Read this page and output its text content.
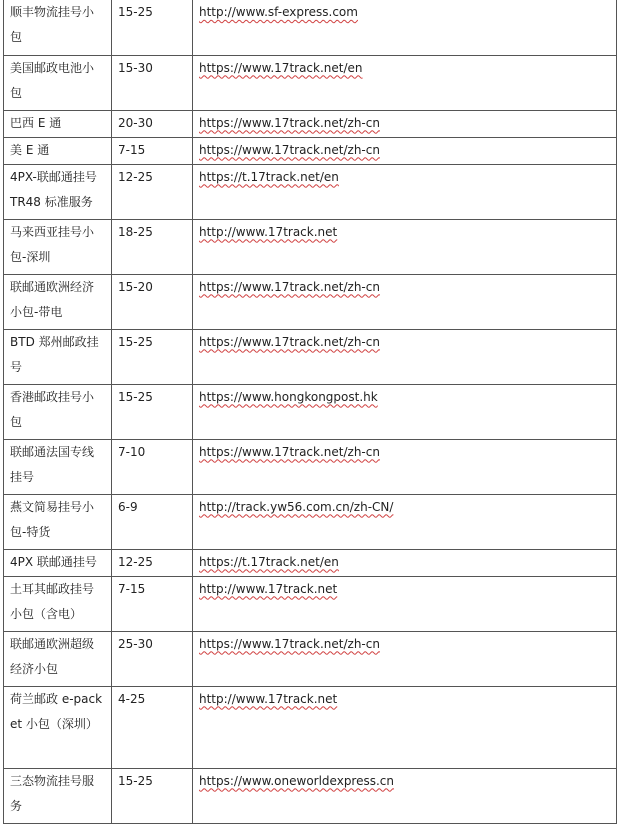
顺丰物流挂号小包	15-25	http://www.sf-express.com

美国邮政电池小包	15-30	https://www.17track.net/en

巴西 E 通	20-30	https://www.17track.net/zh-cn

美 E 通	7-15	https://www.17track.net/zh-cn

4PX-联邮通挂号 TR48 标准服务	12-25	https://t.17track.net/en

马来西亚挂号小包-深圳	18-25	http://www.17track.net

联邮通欧洲经济小包-带电	15-20	https://www.17track.net/zh-cn

BTD 郑州邮政挂号	15-25	https://www.17track.net/zh-cn

香港邮政挂号小包	15-25	https://www.hongkongpost.hk

联邮通法国专线挂号	7-10	https://www.17track.net/zh-cn

燕文简易挂号小包-特货	6-9	http://track.yw56.com.cn/zh-CN/

4PX 联邮通挂号	12-25	https://t.17track.net/en

土耳其邮政挂号小包（含电）	7-15	http://www.17track.net

联邮通欧洲超级经济小包	25-30	https://www.17track.net/zh-cn

荷兰邮政 e-packet 小包（深圳）	4-25	http://www.17track.net

三态物流挂号服务	15-25	https://www.oneworldexpress.cn
